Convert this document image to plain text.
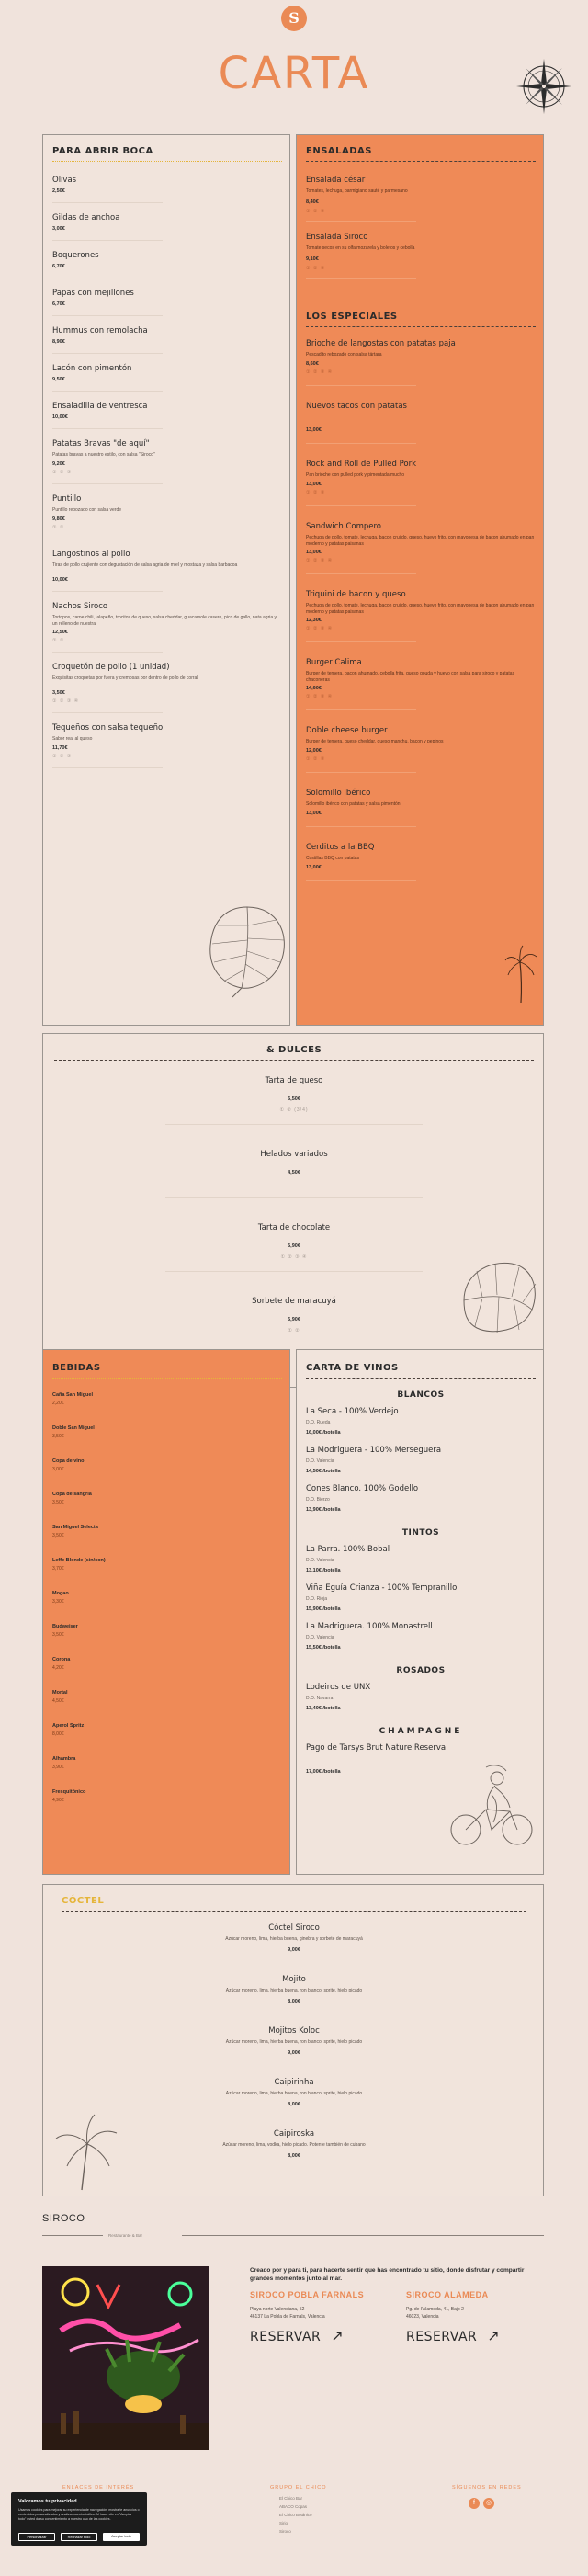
S
CARTA
PARA ABRIR BOCA
Olivas
2,50€
Gildas de anchoa
3,00€
Boquerones
6,70€
Papas con mejillones
6,70€
Hummus con remolacha
8,90€
Lacón con pimentón
9,50€
Ensaladilla de ventresca
10,00€
Patatas Bravas "de aquí"
Patatas bravas a nuestro estilo, con salsa "Siroco"
9,20€
① ② ③
Puntillo
Puntillo rebozado con salsa verde
9,80€
① ②
Langostinos al pollo
Tiras de pollo crujiente con degustación de salsa agria de miel y mostaza y salsa barbacoa
10,00€
Nachos Siroco
Tortopos, carne chili, jalapeño, trocitos de queso, salsa cheddar, guacamole casero, pico de gallo, nata agria y un relleno de nuestra
12,50€
① ②
Croquetón de pollo (1 unidad)
Exquisitas croquetas por fuera y cremosas por dentro de pollo de corral
3,50€
① ② ③ ④
Tequeños con salsa tequeño
Sabor real al queso
11,70€
① ② ③
ENSALADAS
LOS ESPECIALES
Ensalada césar
Tomates, lechuga, parmigiano sauté y parmesano
8,40€
① ② ③
Ensalada Siroco
Tomate secos en su olfa mozarela y boletos y cebolla
9,10€
① ② ③
Brioche de langostas con patatas paja
Pescadito rebozado con salsa tártara
8,60€
① ② ③ ④
Nuevos tacos con patatas
13,00€
Rock and Roll de Pulled Pork
Pan brioche con pulled pork y pimentada mucho
13,00€
① ② ③
Sandwich Compero
Pechuga de pollo, tomate, lechuga, bacon crujido, queso, huevo frito, con mayonesa de bacon ahumado en pan moderno y patatas paisanas
13,00€
① ② ③ ④
Triquini de bacon y queso
Pechuga de pollo, tomate, lechuga, bacon crujido, queso, huevo frito, con mayonesa de bacon ahumado en pan moderno y patatas paisanas
12,30€
① ② ③ ④
Burger Calima
Burger de ternera, bacon ahumado, cebolla frita, queso gouda y huevo con salsa para siroco y patatas chaconeras
14,60€
① ② ③ ④
Doble cheese burger
Burger de ternera, queso cheddar, queso manchu, bacon y pepinos
12,00€
① ② ③
Solomillo Ibérico
Solomillo ibérico con patatas y salsa pimentón
13,00€
Cerditos a la BBQ
Costillas BBQ con patatas
13,00€
& DULCES
Tarta de queso
6,50€
① ② (3/4)
Helados variados
4,50€
Tarta de chocolate
5,90€
① ② ③ ④
Sorbete de maracuyá
5,90€
① ②
BEBIDAS
Caña San Miguel
2,20€
Doble San Miguel
3,50€
Copa de vino
3,00€
Copa de sangría
3,50€
San Miguel Selecta
3,50€
Leffe Blonde (sin/con)
3,70€
Mogao
3,30€
Budweiser
3,50€
Corona
4,20€
Mortal
4,50€
Aperol Spritz
8,00€
Alhambra
3,90€
Fresquitónico
4,90€
CARTA DE VINOS
BLANCOS
La Seca - 100% Verdejo
D.O. Rueda
16,00€ /botella
La Modriguera - 100% Merseguera
D.O. Valencia
14,50€ /botella
Cones Blanco. 100% Godello
D.O. Bierzo
13,90€ /botella
TINTOS
La Parra. 100% Bobal
D.O. Valencia
13,10€ /botella
Viña Eguía Crianza - 100% Tempranillo
D.O. Rioja
15,90€ /botella
La Madriguera. 100% Monastrell
D.O. Valencia
15,50€ /botella
ROSADOS
Lodeiros de UNX
D.O. Navarra
13,40€ /botella
CHAMPAGNE
Pago de Tarsys Brut Nature Reserva
17,00€ /botella
CÓCTEL
Cóctel Siroco
Azúcar moreno, lima, hierba buena, ginebra y sorbete de maracuyá
9,00€
Mojito
Azúcar moreno, lima, hierba buena, ron blanco, sprite, hielo picado
8,00€
Mojitos Koloc
Azúcar moreno, lima, hierba buena, ron blanco, sprite, hielo picado
9,00€
Caipirinha
Azúcar moreno, lima, hierba buena, ron blanco, sprite, hielo picado
8,00€
Caipiroska
Azúcar moreno, lima, vodka, hielo picado. Potente también de cubano
8,00€
SIROCO
Restaurante & Bar
Creado por y para ti, para hacerte sentir que has encontrado tu sitio, donde disfrutar y compartir grandes momentos junto al mar.
SIROCO POBLA FARNALS
Playa norte Valenciana, 52
46137 La Pobla de Farnals, Valencia
RESERVAR ↗
SIROCO ALAMEDA
Pg. de l'Alameda, 41, Bajo 2
46023, Valencia
RESERVAR ↗
ENLACES DE INTERÉS	GRUPO EL CHICO	SÍGUENOS EN REDES
f	◎
Valoramos tu privacidad
Usamos cookies para mejorar su experiencia de navegación, mostrarle anuncios o contenidos personalizados y analizar nuestro tráfico. Al hacer clic en "Aceptar todo" usted da su consentimiento a nuestro uso de las cookies.
Personalizar	Rechazar todo	Aceptar todo
El Chico Bar
ABACO Copas
El Chico Botánico
Sirio
Siroco
